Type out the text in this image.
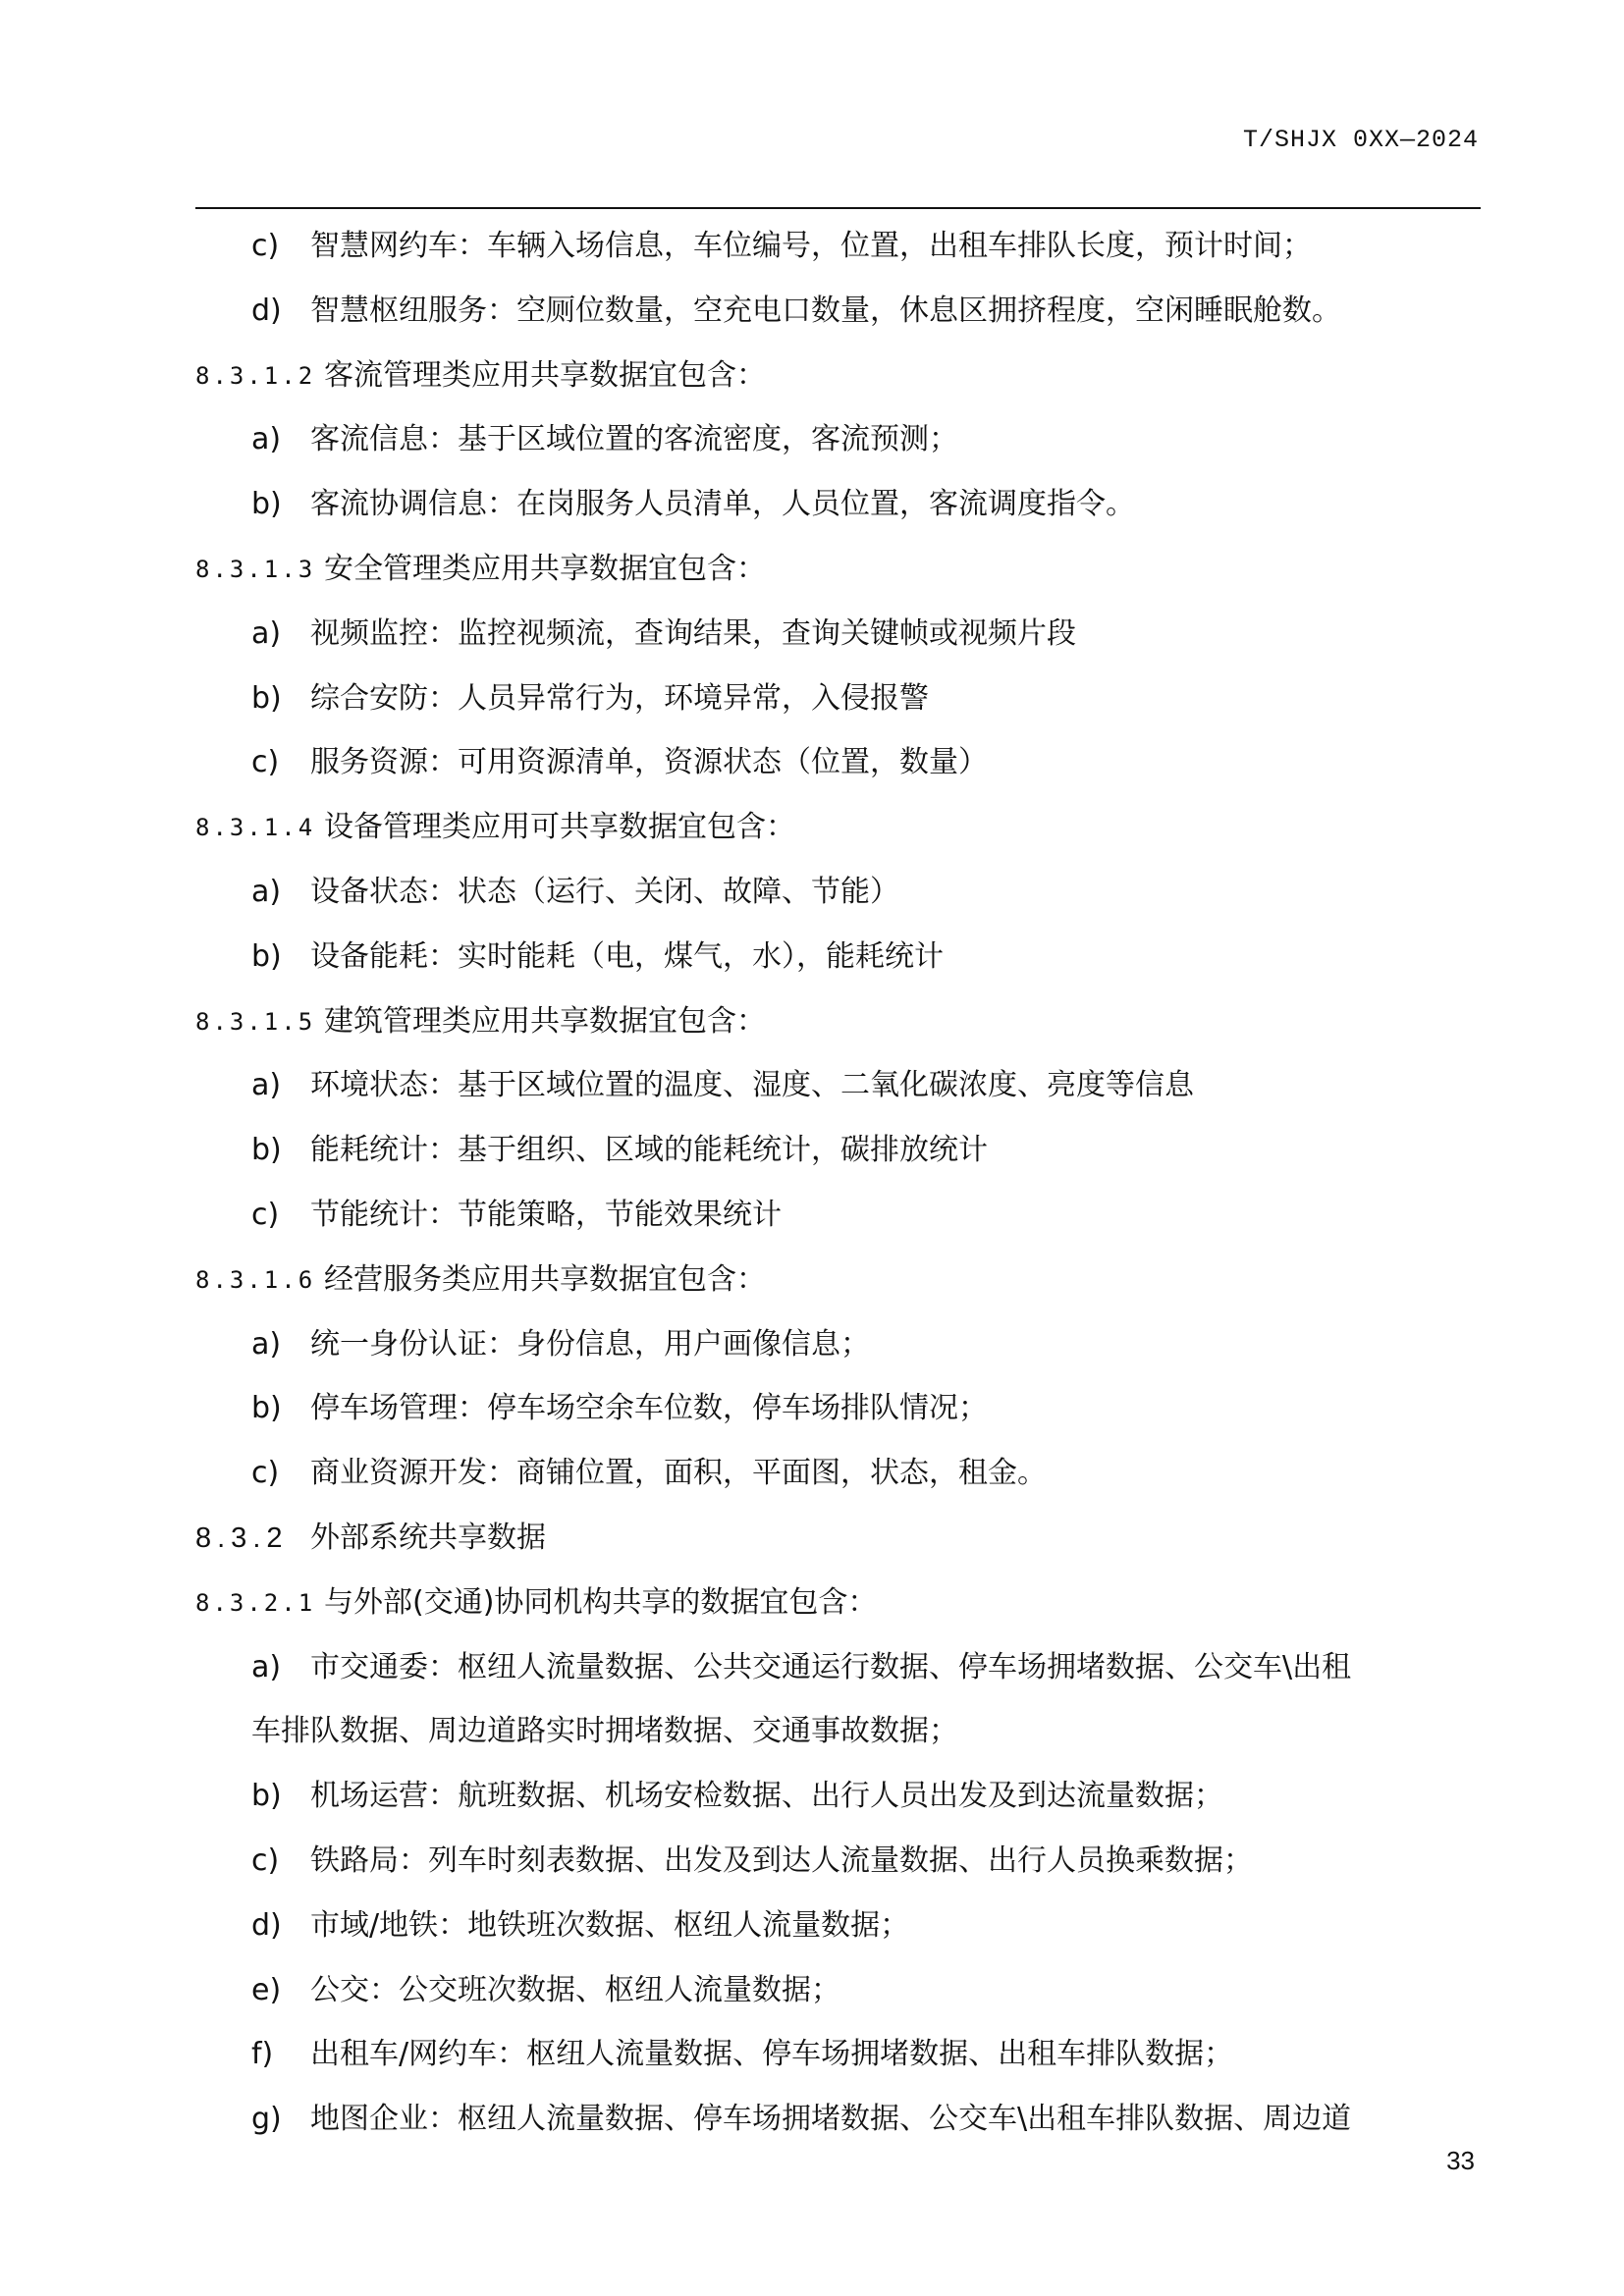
T/SHJX 0XX—2024
c) 智慧网约车：车辆入场信息，车位编号，位置，出租车排队长度，预计时间；
d) 智慧枢纽服务：空厕位数量，空充电口数量，休息区拥挤程度，空闲睡眠舱数。
8.3.1.2 客流管理类应用共享数据宜包含：
a) 客流信息：基于区域位置的客流密度，客流预测；
b) 客流协调信息：在岗服务人员清单，人员位置，客流调度指令。
8.3.1.3 安全管理类应用共享数据宜包含：
a) 视频监控：监控视频流，查询结果，查询关键帧或视频片段
b) 综合安防：人员异常行为，环境异常，入侵报警
c) 服务资源：可用资源清单，资源状态（位置，数量）
8.3.1.4 设备管理类应用可共享数据宜包含：
a) 设备状态：状态（运行、关闭、故障、节能）
b) 设备能耗：实时能耗（电，煤气，水），能耗统计
8.3.1.5 建筑管理类应用共享数据宜包含：
a) 环境状态：基于区域位置的温度、湿度、二氧化碳浓度、亮度等信息
b) 能耗统计：基于组织、区域的能耗统计，碳排放统计
c) 节能统计：节能策略，节能效果统计
8.3.1.6 经营服务类应用共享数据宜包含：
a) 统一身份认证：身份信息，用户画像信息；
b) 停车场管理：停车场空余车位数，停车场排队情况；
c) 商业资源开发：商铺位置，面积，平面图，状态，租金。
8.3.2 外部系统共享数据
8.3.2.1 与外部(交通)协同机构共享的数据宜包含：
a) 市交通委：枢纽人流量数据、公共交通运行数据、停车场拥堵数据、公交车\出租
车排队数据、周边道路实时拥堵数据、交通事故数据；
b) 机场运营：航班数据、机场安检数据、出行人员出发及到达流量数据；
c) 铁路局：列车时刻表数据、出发及到达人流量数据、出行人员换乘数据；
d) 市域/地铁：地铁班次数据、枢纽人流量数据；
e) 公交：公交班次数据、枢纽人流量数据；
f) 出租车/网约车：枢纽人流量数据、停车场拥堵数据、出租车排队数据；
g) 地图企业：枢纽人流量数据、停车场拥堵数据、公交车\出租车排队数据、周边道
33
